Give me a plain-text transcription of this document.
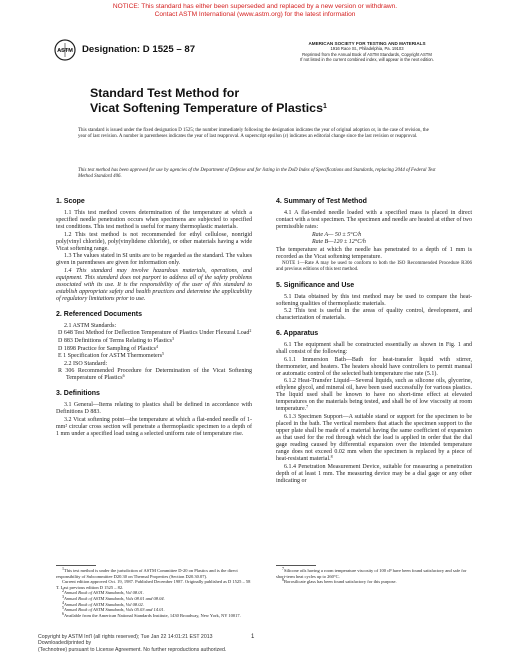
NOTICE: This standard has either been superseded and replaced by a new version or withdrawn.
Contact ASTM International (www.astm.org) for the latest information
ASTM Designation: D 1525 – 87
AMERICAN SOCIETY FOR TESTING AND MATERIALS
1916 Race St., Philadelphia, Pa. 19103
Reprinted from the Annual Book of ASTM Standards, Copyright ASTM
If not listed in the current combined index, will appear in the next edition.
Standard Test Method for
Vicat Softening Temperature of Plastics$^1$
This standard is issued under the fixed designation D 1525; the number immediately following the designation indicates the year of original adoption or, in the case of revision, the year of last revision. A number in parentheses indicates the year of last reapproval. A superscript epsilon (ε) indicates an editorial change since the last revision or reapproval.
This test method has been approved for use by agencies of the Department of Defense and for listing in the DoD Index of Specifications and Standards, replacing 2044 of Federal Test Method Standard 406.
1. Scope

1.1 This test method covers determination of the temperature at which a specified needle penetration occurs when specimens are subjected to specified test conditions. This test method is useful for many thermoplastic materials.

1.2 This test method is not recommended for ethyl cellulose, nonrigid poly(vinyl chloride), poly(vinylidene chloride), or other materials having a wide Vicat softening range.

1.3 The values stated in SI units are to be regarded as the standard. The values given in parentheses are given for information only.

1.4 This standard may involve hazardous materials, operations, and equipment. This standard does not purport to address all of the safety problems associated with its use. It is the responsibility of the user of this standard to establish appropriate safety and health practices and determine the applicability of regulatory limitations prior to use.

2. Referenced Documents

2.1 ASTM Standards:

D 648 Test Method for Deflection Temperature of Plastics Under Flexural Load$^2$

D 883 Definitions of Terms Relating to Plastics$^3$

D 1898 Practice for Sampling of Plastics$^4$

E 1 Specification for ASTM Thermometers$^5$

2.2 ISO Standard:

R 306 Recommended Procedure for Determination of the Vicat Softening Temperature of Plastics$^6$

3. Definitions

3.1 General—Items relating to plastics shall be defined in accordance with Definitions D 883.

3.2 Vicat softening point—the temperature at which a flat-ended needle of 1-mm² circular cross section will penetrate a thermoplastic specimen to a depth of 1 mm under a specified load using a selected uniform rate of temperature rise.

4. Summary of Test Method

4.1 A flat-ended needle loaded with a specified mass is placed in direct contact with a test specimen. The specimen and needle are heated at either of two permissible rates:

Rate A— 50 ± 5°C/h

Rate B—120 ± 12°C/h

The temperature at which the needle has penetrated to a depth of 1 mm is recorded as the Vicat softening temperature.

NOTE 1—Rate A may be used to conform to both the ISO Recommended Procedure R306 and previous editions of this test method.

5. Significance and Use

5.1 Data obtained by this test method may be used to compare the heat-softening qualities of thermoplastic materials.

5.2 This test is useful in the areas of quality control, development, and characterization of materials.

6. Apparatus

6.1 The equipment shall be constructed essentially as shown in Fig. 1 and shall consist of the following:

6.1.1 Immersion Bath—Bath for heat-transfer liquid with stirrer, thermometer, and heaters. The heaters should have controllers to permit manual or automatic control of the selected bath temperature rise rate (5.1).

6.1.2 Heat-Transfer Liquid—Several liquids, such as silicone oils, glycerine, ethylene glycol, and mineral oil, have been used successfully for various plastics. The liquid used shall be known to have no short-time effect at elevated temperatures on the materials being tested, and shall be of low viscosity at room temperature.$^7$

6.1.3 Specimen Support—A suitable stand or support for the specimen to be placed in the bath. The vertical members that attach the specimen support to the upper plate shall be made of a material having the same coefficient of expansion as that used for the rod through which the load is applied in order that the dial gage reading caused by differential expansion over the intended temperature range does not exceed 0.02 mm when the specimen is replaced by a piece of heat-resistant material.$^8$

6.1.4 Penetration Measurement Device, suitable for measuring a penetration depth of at least 1 mm. The measuring device may be a dial gage or any other indicating or

$^1$This test method is under the jurisdiction of ASTM Committee D-20 on Plastics and is the direct responsibility of Subcommittee D20.30 on Thermal Properties (Section D20.30.07).

Current edition approved Oct. 19, 1987. Published December 1987. Originally published as D 1525 – 58 T. Last previous edition D 1525 – 82.

$^2$Annual Book of ASTM Standards, Vol 08.01.

$^3$Annual Book of ASTM Standards, Vols 08.01 and 08.04.

$^4$Annual Book of ASTM Standards, Vol 08.02.

$^5$Annual Book of ASTM Standards, Vols 05.03 and 14.01.

$^6$Available from the American National Standards Institute, 1430 Broadway, New York, NY 10017.

$^7$Silicone oils having a room temperature viscosity of 100 cP have been found satisfactory and safe for short-term heat cycles up to 260°C.

$^8$Borosilicate glass has been found satisfactory for this purpose.

Copyright by ASTM Int'l (all rights reserved); Tue Jan 22 14:01:21 EST 2013
Downloaded/printed by
(Technotree) pursuant to License Agreement. No further reproductions authorized.
1
